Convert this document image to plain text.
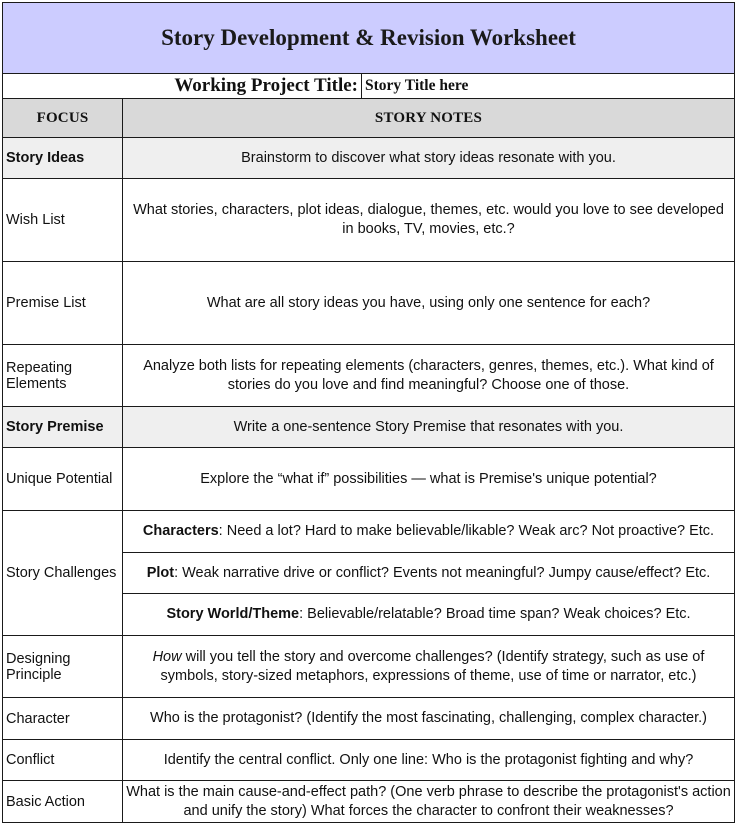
Story Development & Revision Worksheet		
Working Project Title:		Story Title here
FOCUS	STORY NOTES	
Story Ideas	Brainstorm to discover what story ideas resonate with you.	
Wish List	What stories, characters, plot ideas, dialogue, themes, etc. would you love to see developed in books, TV, movies, etc.?	
Premise List	What are all story ideas you have, using only one sentence for each?	
Repeating Elements	Analyze both lists for repeating elements (characters, genres, themes, etc.). What kind of stories do you love and find meaningful? Choose one of those.	
Story Premise	Write a one-sentence Story Premise that resonates with you.	
Unique Potential	Explore the “what if” possibilities — what is Premise's unique potential?	
Story Challenges	Characters: Need a lot? Hard to make believable/likable? Weak arc? Not proactive? Etc.	
	Plot: Weak narrative drive or conflict? Events not meaningful? Jumpy cause/effect? Etc.	
	Story World/Theme: Believable/relatable? Broad time span? Weak choices? Etc.	
Designing Principle	How will you tell the story and overcome challenges? (Identify strategy, such as use of symbols, story-sized metaphors, expressions of theme, use of time or narrator, etc.)	
Character	Who is the protagonist? (Identify the most fascinating, challenging, complex character.)	
Conflict	Identify the central conflict. Only one line: Who is the protagonist fighting and why?	
Basic Action	What is the main cause-and-effect path? (One verb phrase to describe the protagonist's action and unify the story) What forces the character to confront their weaknesses?	
